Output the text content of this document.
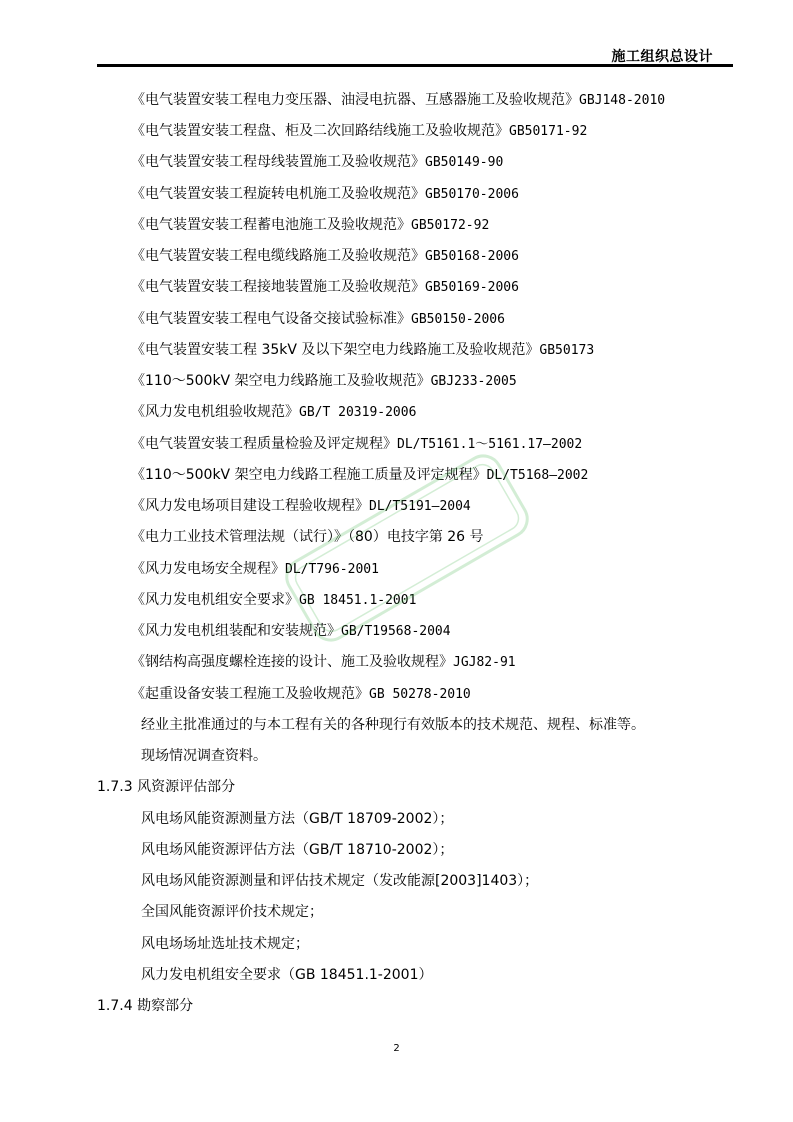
施工组织总设计
《电气装置安装工程电力变压器、油浸电抗器、互感器施工及验收规范》GBJ148-2010
《电气装置安装工程盘、柜及二次回路结线施工及验收规范》GB50171-92
《电气装置安装工程母线装置施工及验收规范》GB50149-90
《电气装置安装工程旋转电机施工及验收规范》GB50170-2006
《电气装置安装工程蓄电池施工及验收规范》GB50172-92
《电气装置安装工程电缆线路施工及验收规范》GB50168-2006
《电气装置安装工程接地装置施工及验收规范》GB50169-2006
《电气装置安装工程电气设备交接试验标准》GB50150-2006
《电气装置安装工程 35kV 及以下架空电力线路施工及验收规范》GB50173
《110～500kV 架空电力线路施工及验收规范》GBJ233-2005
《风力发电机组验收规范》GB/T 20319-2006
《电气装置安装工程质量检验及评定规程》DL/T5161.1～5161.17—2002
《110～500kV 架空电力线路工程施工质量及评定规程》DL/T5168—2002
《风力发电场项目建设工程验收规程》DL/T5191—2004
《电力工业技术管理法规（试行）》（80）电技字第 26 号
《风力发电场安全规程》DL/T796-2001
《风力发电机组安全要求》GB 18451.1-2001
《风力发电机组装配和安装规范》GB/T19568-2004
《钢结构高强度螺栓连接的设计、施工及验收规程》JGJ82-91
《起重设备安装工程施工及验收规范》GB 50278-2010
经业主批准通过的与本工程有关的各种现行有效版本的技术规范、规程、标准等。
现场情况调查资料。
1.7.3 风资源评估部分
风电场风能资源测量方法（GB/T 18709-2002）；
风电场风能资源评估方法（GB/T 18710-2002）；
风电场风能资源测量和评估技术规定（发改能源[2003]1403）；
全国风能资源评价技术规定；
风电场场址选址技术规定；
风力发电机组安全要求（GB 18451.1-2001）
1.7.4 勘察部分
2
